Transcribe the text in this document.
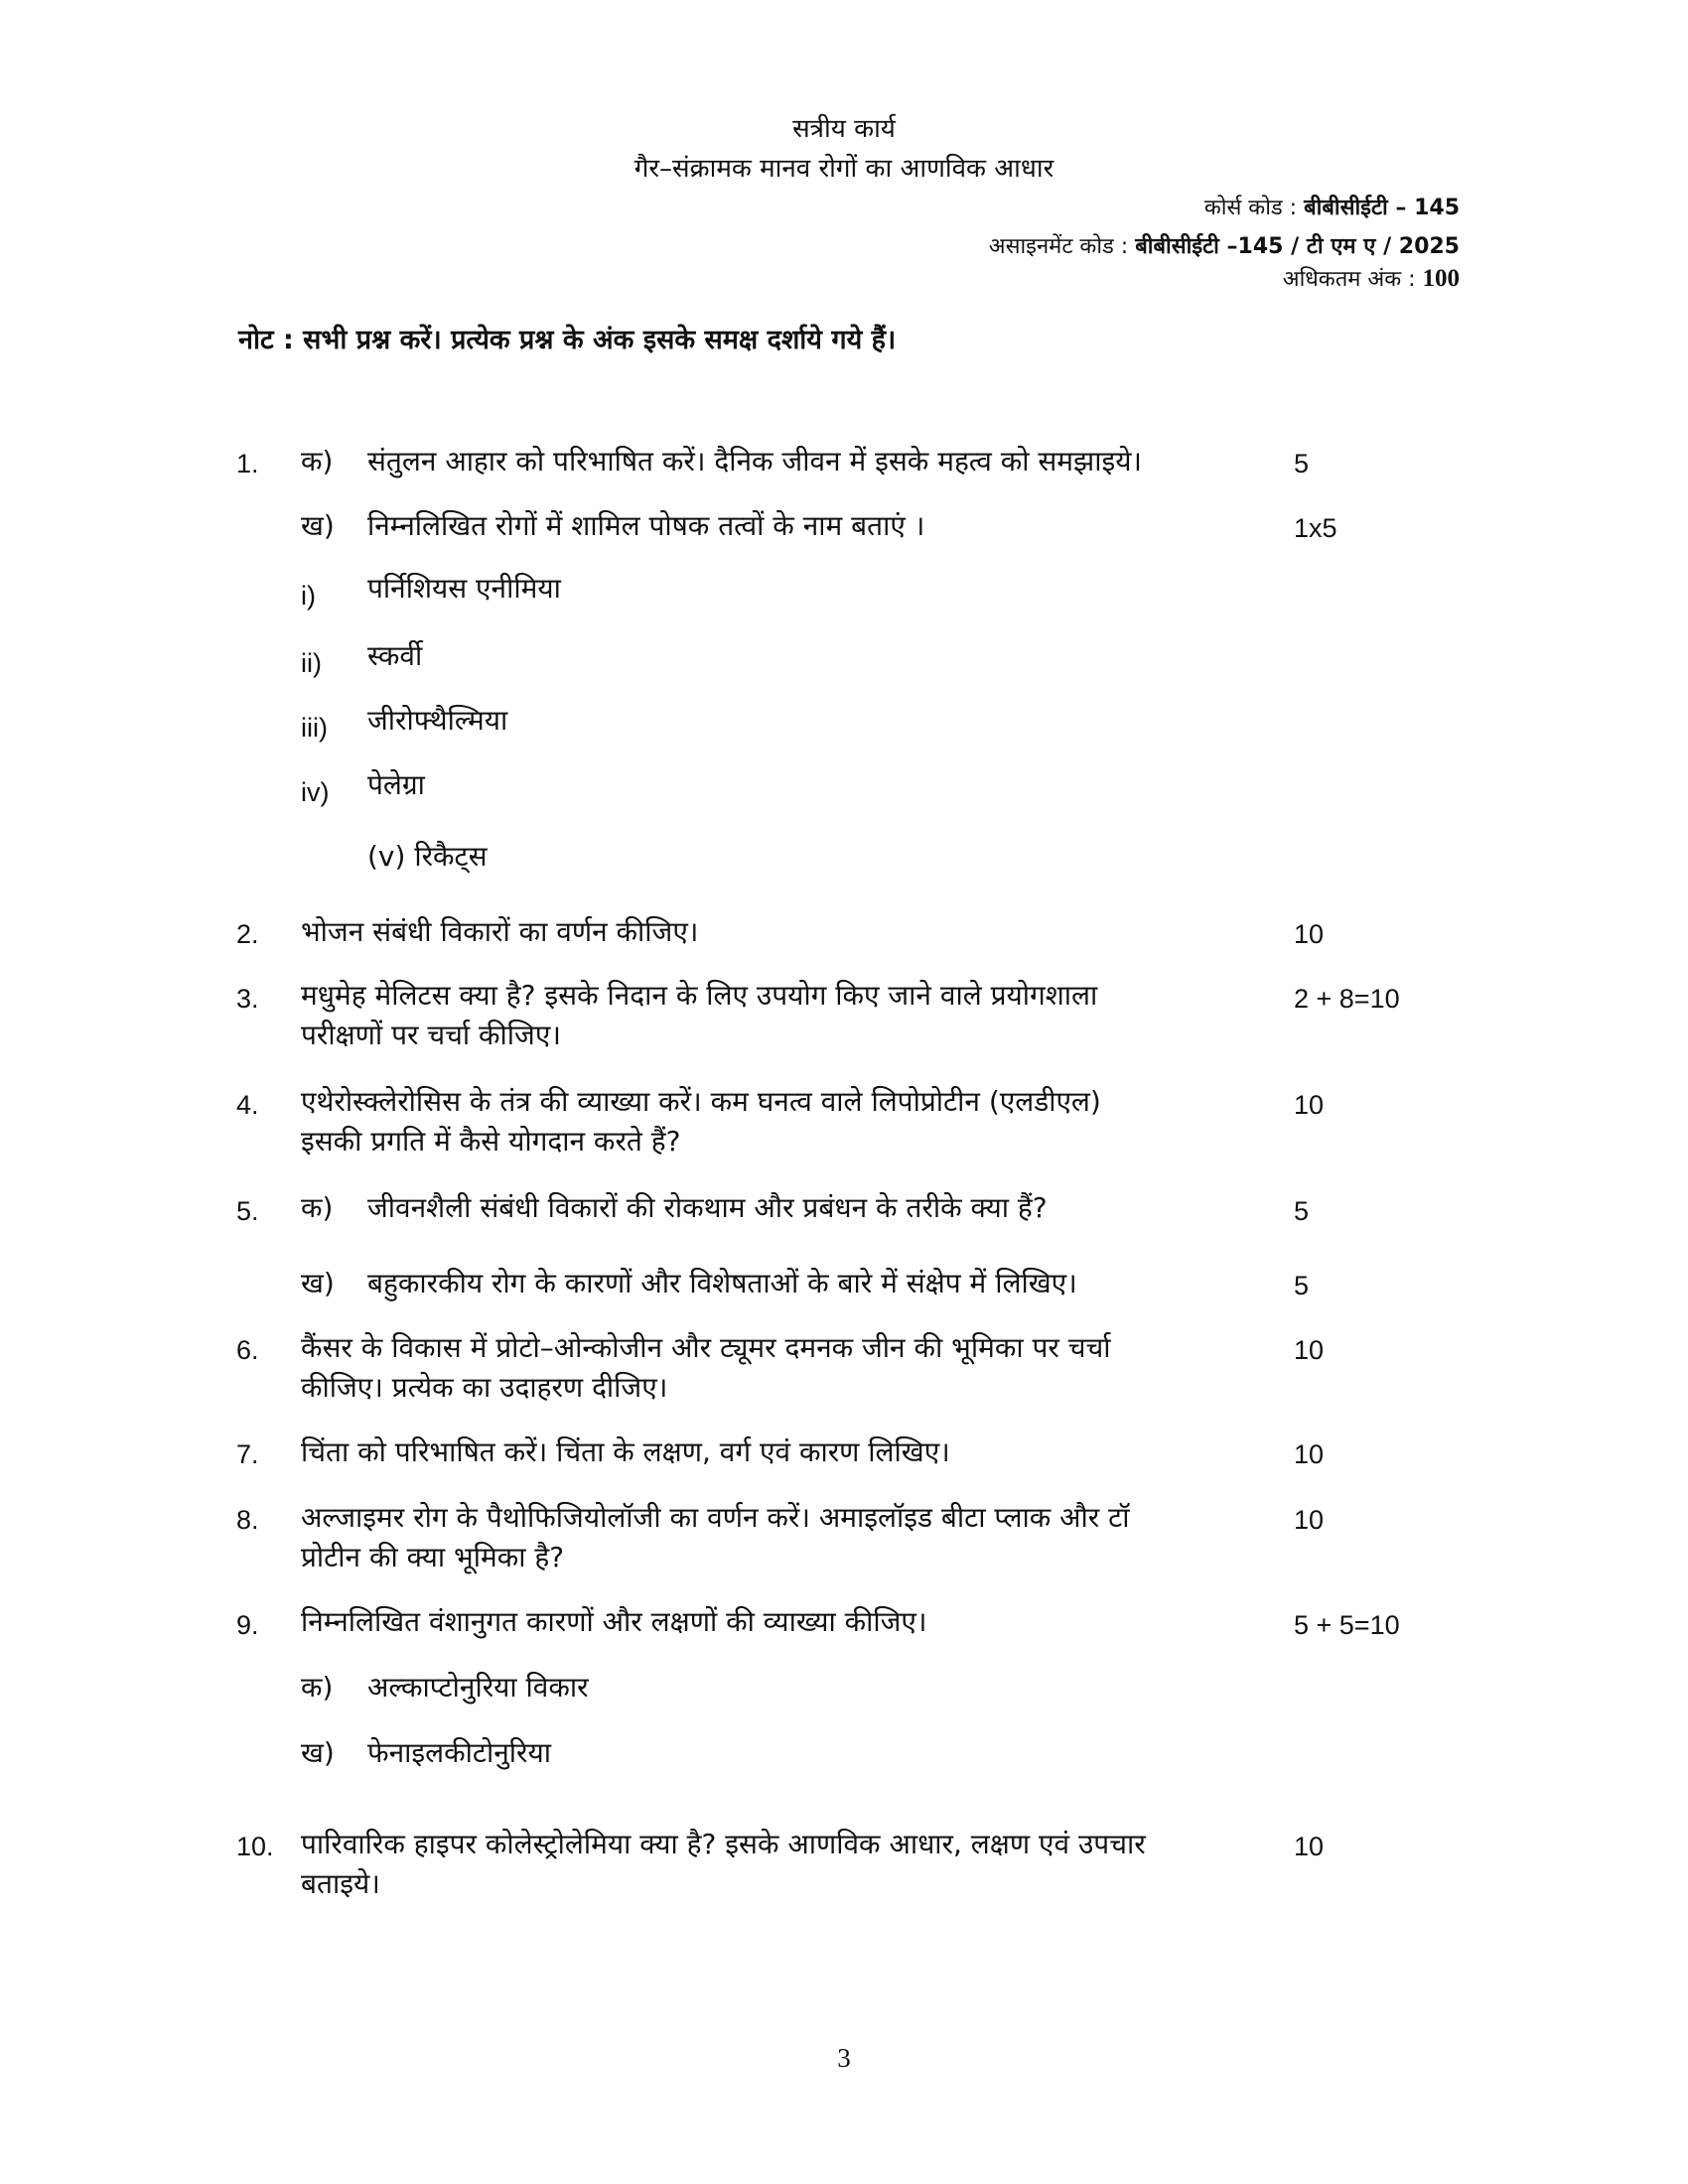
सत्रीय कार्य
गैर–संक्रामक मानव रोगों का आणविक आधार
कोर्स कोड : बीबीसीईटी – 145
असाइनमेंट कोड : बीबीसीईटी –145 / टी एम ए / 2025
अधिकतम अंक : 100
नोट : सभी प्रश्न करें। प्रत्येक प्रश्न के अंक इसके समक्ष दर्शाये गये हैं।
1. क) संतुलन आहार को परिभाषित करें। दैनिक जीवन में इसके महत्व को समझाइये।	5
ख) निम्नलिखित रोगों में शामिल पोषक तत्वों के नाम बताएं ।	1x5
i) पर्निशियस एनीमिया
ii) स्कर्वी
iii) जीरोफ्थैल्मिया
iv) पेलेग्रा
(v) रिकैट्स
2. भोजन संबंधी विकारों का वर्णन कीजिए।	10
3. मधुमेह मेलिटस क्या है? इसके निदान के लिए उपयोग किए जाने वाले प्रयोगशाला
परीक्षणों पर चर्चा कीजिए।
2 + 8=10
4. एथेरोस्क्लेरोसिस के तंत्र की व्याख्या करें। कम घनत्व वाले लिपोप्रोटीन (एलडीएल)
इसकी प्रगति में कैसे योगदान करते हैं?
10
5. क) जीवनशैली संबंधी विकारों की रोकथाम और प्रबंधन के तरीके क्या हैं?	5
ख) बहुकारकीय रोग के कारणों और विशेषताओं के बारे में संक्षेप में लिखिए।	5
6. कैंसर के विकास में प्रोटो–ओन्कोजीन और ट्यूमर दमनक जीन की भूमिका पर चर्चा
कीजिए। प्रत्येक का उदाहरण दीजिए।
10
7. चिंता को परिभाषित करें। चिंता के लक्षण, वर्ग एवं कारण लिखिए।	10
8. अल्जाइमर रोग के पैथोफिजियोलॉजी का वर्णन करें। अमाइलॉइड बीटा प्लाक और टॉ
प्रोटीन की क्या भूमिका है?
10
9. निम्नलिखित वंशानुगत कारणों और लक्षणों की व्याख्या कीजिए।	5 + 5=10
क) अल्काप्टोनुरिया विकार
ख) फेनाइलकीटोनुरिया
10. पारिवारिक हाइपर कोलेस्ट्रोलेमिया क्या है? इसके आणविक आधार, लक्षण एवं उपचार
बताइये।
10
3
